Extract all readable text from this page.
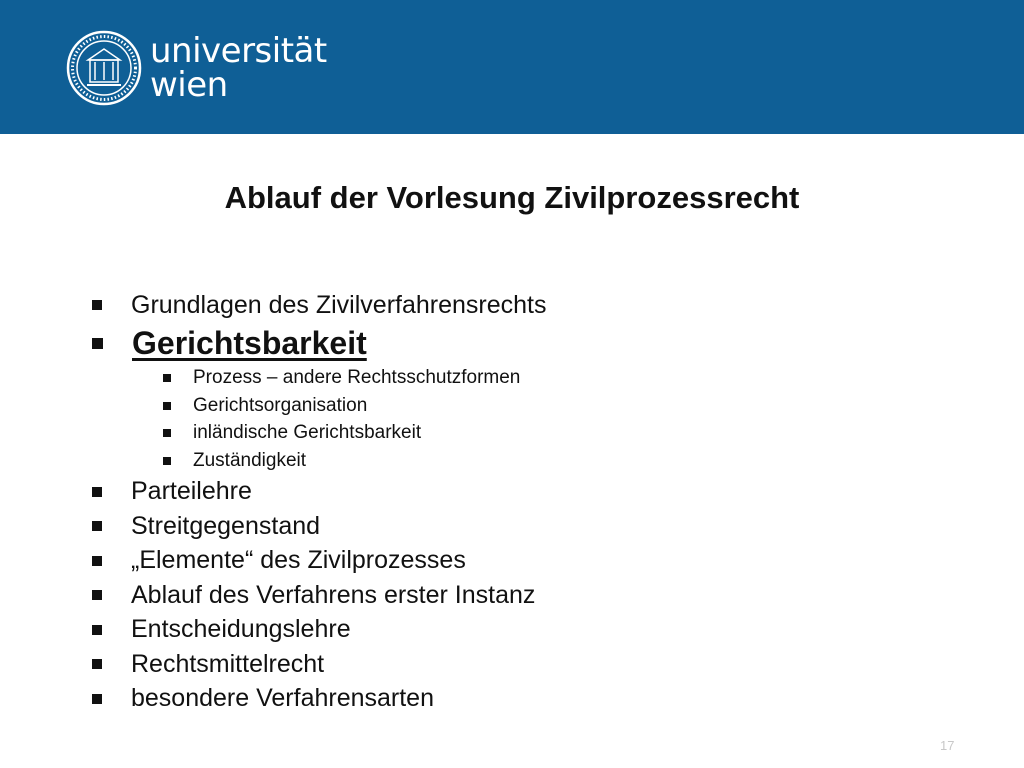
universität
wien
Ablauf der Vorlesung Zivilprozessrecht
Grundlagen des Zivilverfahrensrechts
Gerichtsbarkeit
Prozess – andere Rechtsschutzformen
Gerichtsorganisation
inländische Gerichtsbarkeit
Zuständigkeit
Parteilehre
Streitgegenstand
„Elemente“ des Zivilprozesses
Ablauf des Verfahrens erster Instanz
Entscheidungslehre
Rechtsmittelrecht
besondere Verfahrensarten
17
